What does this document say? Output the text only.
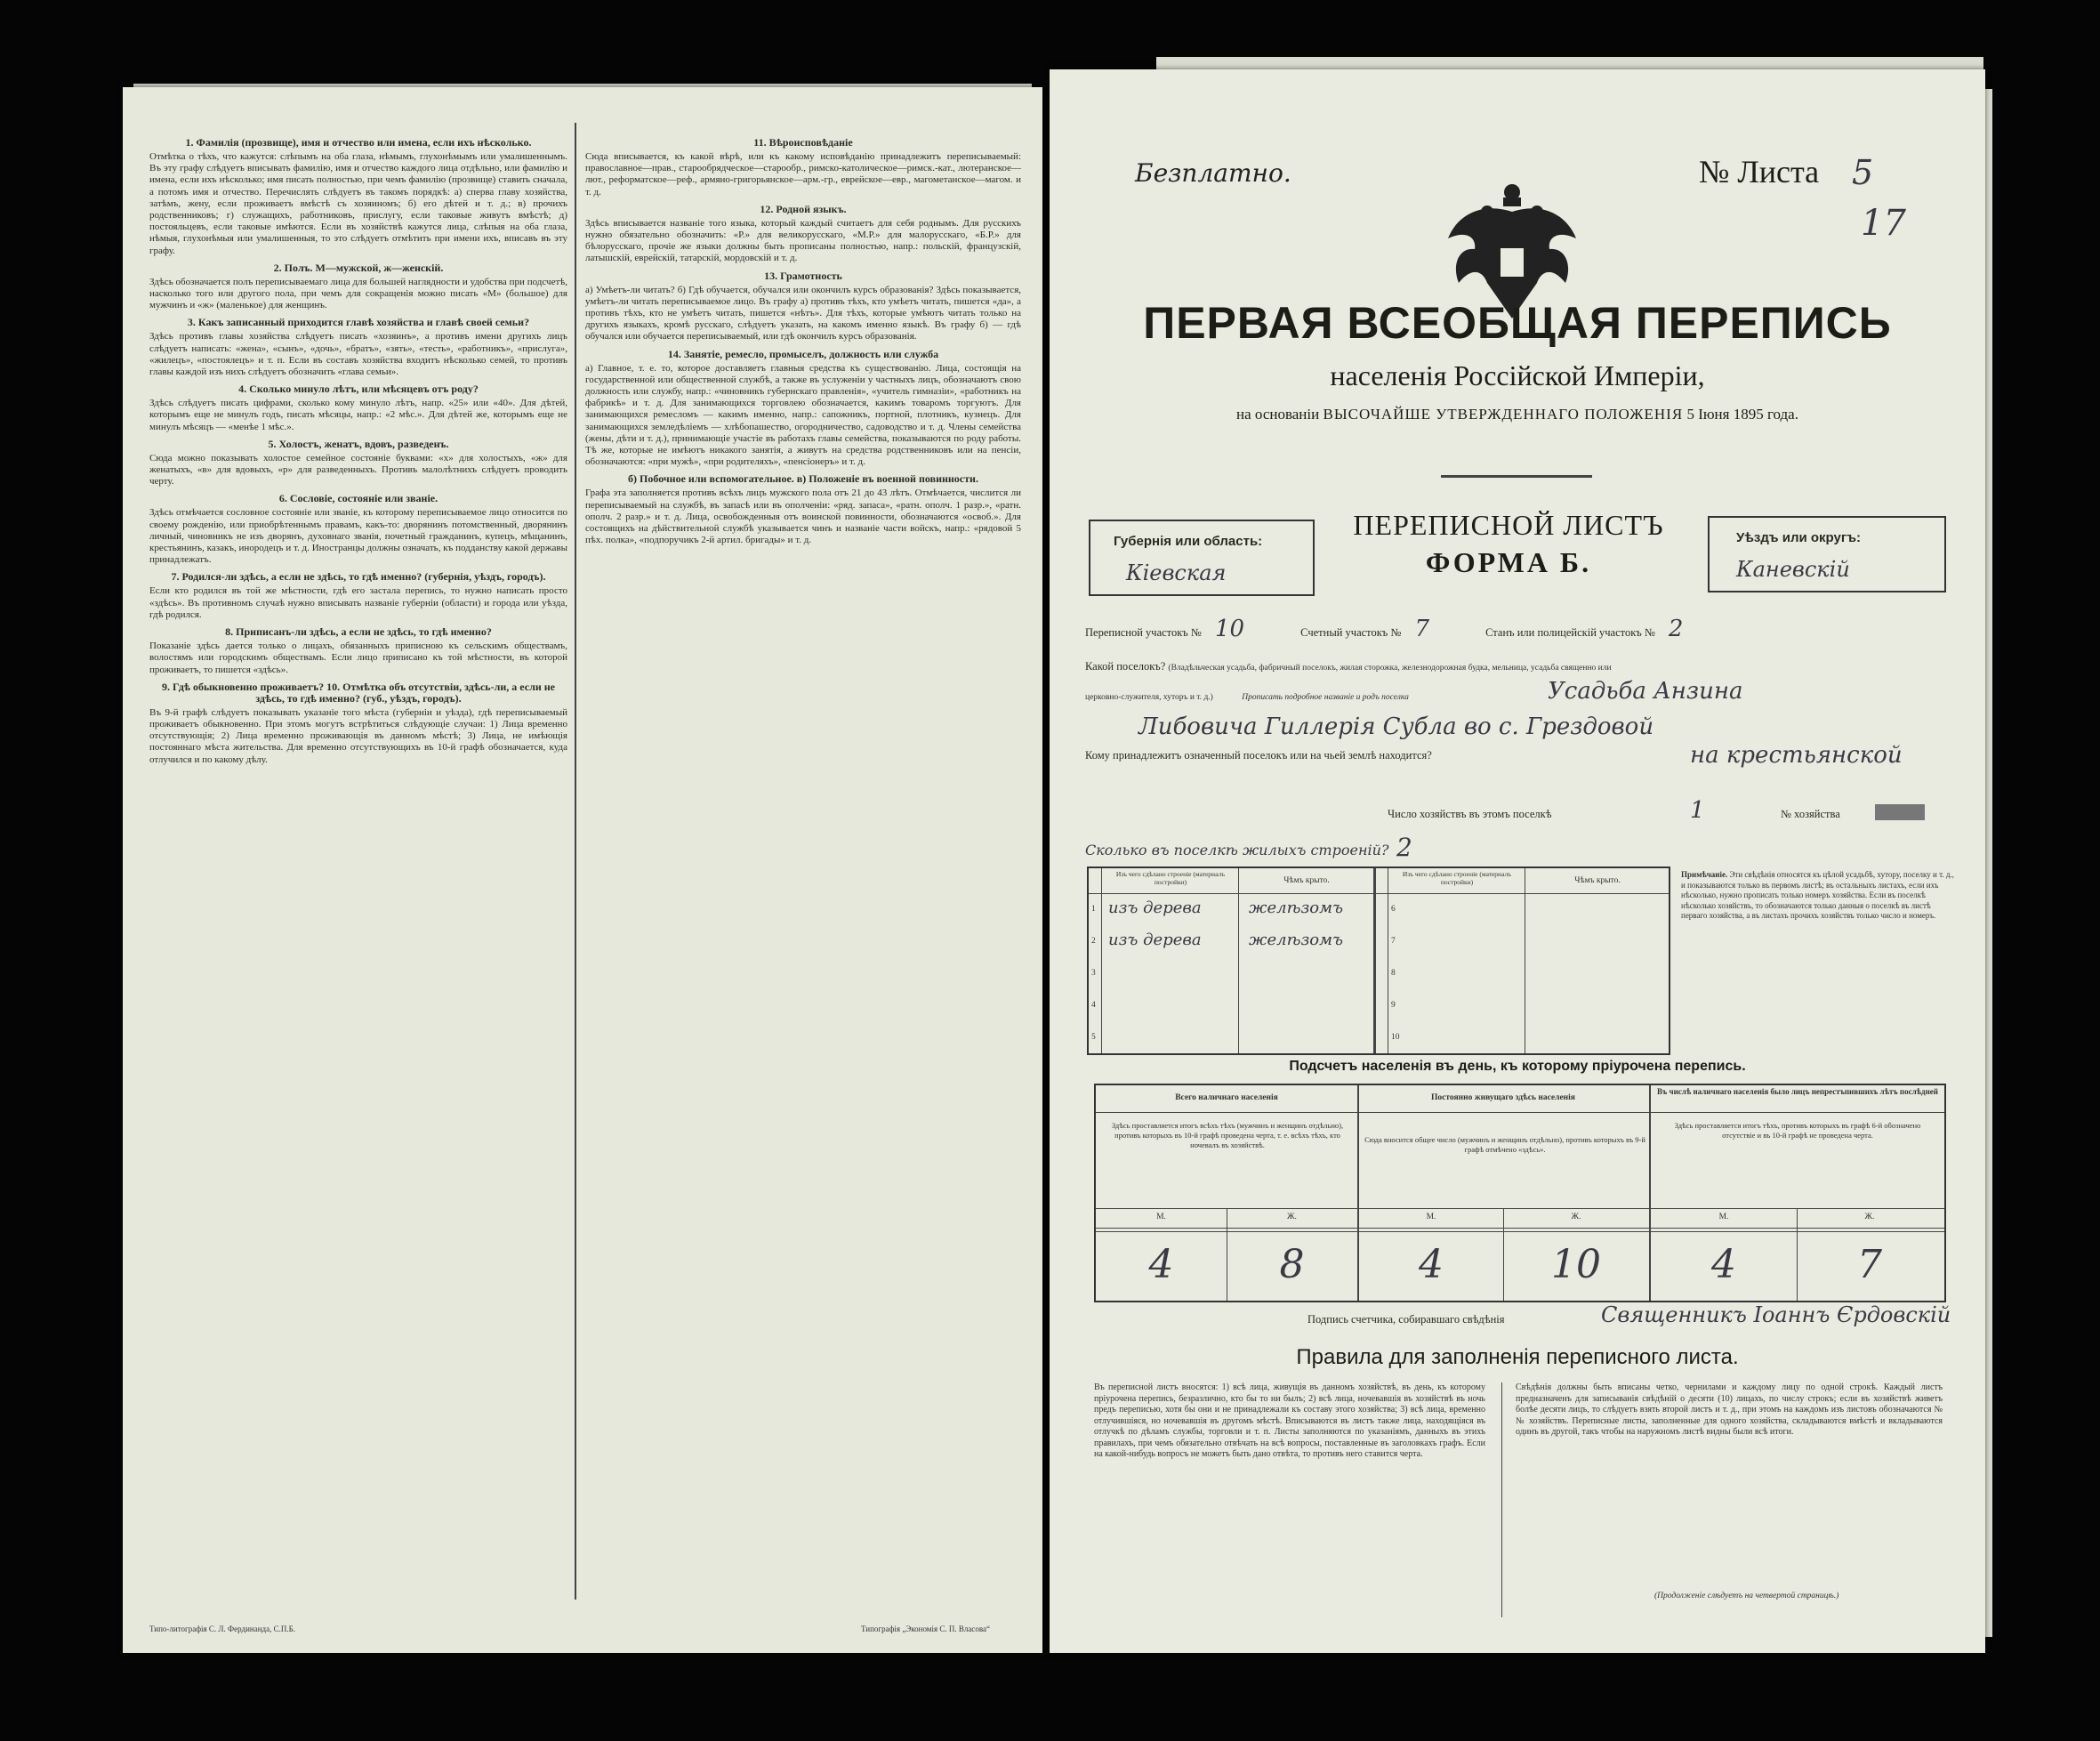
1. Фамилія (прозвище), имя и отчество или имена, если ихъ нѣсколько.
Отмѣтка о тѣхъ, что кажутся: слѣпымъ на оба глаза, нѣмымъ, глухонѣмымъ или умалишеннымъ. Въ эту графу слѣдуетъ вписывать фамилію, имя и отчество каждого лица отдѣльно, или фамилію и имена, если ихъ нѣсколько; имя писать полностью, при чемъ фамилію (прозвище) ставить сначала, а потомъ имя и отчество. Перечислять слѣдуетъ въ такомъ порядкѣ: а) сперва главу хозяйства, затѣмъ, жену, если проживаетъ вмѣстѣ съ хозяиномъ; б) его дѣтей и т. д.; в) прочихъ родственниковъ; г) служащихъ, работниковъ, прислугу, если таковые живутъ вмѣстѣ; д) постояльцевъ, если таковые имѣются. Если въ хозяйствѣ кажутся лица, слѣпыя на оба глаза, нѣмыя, глухонѣмыя или умалишенныя, то это слѣдуетъ отмѣтить при имени ихъ, вписавъ въ эту графу.
2. Полъ. М—мужской, ж—женскій.
Здѣсь обозначается полъ переписываемаго лица для большей наглядности и удобства при подсчетѣ, насколько того или другого пола, при чемъ для сокращенія можно писать «М» (большое) для мужчинъ и «ж» (маленькое) для женщинъ.
3. Какъ записанный приходится главѣ хозяйства и главѣ своей семьи?
Здѣсь противъ главы хозяйства слѣдуетъ писать «хозяинъ», а противъ имени другихъ лицъ слѣдуетъ написать: «жена», «сынъ», «дочь», «братъ», «зять», «тесть», «работникъ», «прислуга», «жилецъ», «постоялецъ» и т. п. Если въ составъ хозяйства входитъ нѣсколько семей, то противъ главы каждой изъ нихъ слѣдуетъ обозначить «глава семьи».
4. Сколько минуло лѣтъ, или мѣсяцевъ отъ роду?
Здѣсь слѣдуетъ писать цифрами, сколько кому минуло лѣтъ, напр. «25» или «40». Для дѣтей, которымъ еще не минулъ годъ, писать мѣсяцы, напр.: «2 мѣс.». Для дѣтей же, которымъ еще не минулъ мѣсяцъ — «менѣе 1 мѣс.».
5. Холостъ, женатъ, вдовъ, разведенъ.
Сюда можно показывать холостое семейное состояніе буквами: «х» для холостыхъ, «ж» для женатыхъ, «в» для вдовыхъ, «р» для разведенныхъ. Противъ малолѣтнихъ слѣдуетъ проводить черту.
6. Сословіе, состояніе или званіе.
Здѣсь отмѣчается сословное состояніе или званіе, къ которому переписываемое лицо относится по своему рожденію, или приобрѣтеннымъ правамъ, какъ-то: дворянинъ потомственный, дворянинъ личный, чиновникъ не изъ дворянъ, духовнаго званія, почетный гражданинъ, купецъ, мѣщанинъ, крестьянинъ, казакъ, инородецъ и т. д. Иностранцы должны означать, къ подданству какой державы принадлежатъ.
7. Родился-ли здѣсь, а если не здѣсь, то гдѣ именно? (губернія, уѣздъ, городъ).
Если кто родился въ той же мѣстности, гдѣ его застала перепись, то нужно написать просто «здѣсь». Въ противномъ случаѣ нужно вписывать названіе губерніи (области) и города или уѣзда, гдѣ родился.
8. Приписанъ-ли здѣсь, а если не здѣсь, то гдѣ именно?
Показаніе здѣсь дается только о лицахъ, обязанныхъ приписною къ сельскимъ обществамъ, волостямъ или городскимъ обществамъ. Если лицо приписано къ той мѣстности, въ которой проживаетъ, то пишется «здѣсь».
9. Гдѣ обыкновенно проживаетъ? 10. Отмѣтка объ отсутствіи, здѣсь-ли, а если не здѣсь, то гдѣ именно? (губ., уѣздъ, городъ).
Въ 9-й графѣ слѣдуетъ показывать указаніе того мѣста (губерніи и уѣзда), гдѣ переписываемый проживаетъ обыкновенно. При этомъ могутъ встрѣтиться слѣдующіе случаи: 1) Лица временно отсутствующія; 2) Лица временно проживающія въ данномъ мѣстѣ; 3) Лица, не имѣющія постояннаго мѣста жительства. Для временно отсутствующихъ въ 10-й графѣ обозначается, куда отлучился и по какому дѣлу.
11. Вѣроисповѣданіе
Сюда вписывается, къ какой вѣрѣ, или къ какому исповѣданію принадлежитъ переписываемый: православное—прав., старообрядческое—старообр., римско-католическое—римск.-кат., лютеранское—лют., реформатское—реф., армяно-григорьянское—арм.-гр., еврейское—евр., магометанское—магом. и т. д.
12. Родной языкъ.
Здѣсь вписывается названіе того языка, который каждый считаетъ для себя роднымъ. Для русскихъ нужно обязательно обозначить: «Р.» для великорусскаго, «М.Р.» для малорусскаго, «Б.Р.» для бѣлорусскаго, прочіе же языки должны быть прописаны полностью, напр.: польскій, французскій, латышскій, еврейскій, татарскій, мордовскій и т. д.
13. Грамотность
а) Умѣетъ-ли читать? б) Гдѣ обучается, обучался или окончилъ курсъ образованія? Здѣсь показывается, умѣетъ-ли читать переписываемое лицо. Въ графу а) противъ тѣхъ, кто умѣетъ читать, пишется «да», а противъ тѣхъ, кто не умѣетъ читать, пишется «нѣтъ». Для тѣхъ, которые умѣютъ читать только на другихъ языкахъ, кромѣ русскаго, слѣдуетъ указать, на какомъ именно языкѣ. Въ графу б) — гдѣ обучался или обучается переписываемый, или гдѣ окончилъ курсъ образованія.
14. Занятіе, ремесло, промыселъ, должность или служба
а) Главное, т. е. то, которое доставляетъ главныя средства къ существованію. Лица, состоящія на государственной или общественной службѣ, а также въ услуженіи у частныхъ лицъ, обозначаютъ свою должность или службу, напр.: «чиновникъ губернскаго правленія», «учитель гимназіи», «работникъ на фабрикѣ» и т. д. Для занимающихся торговлею обозначается, какимъ товаромъ торгуютъ. Для занимающихся ремесломъ — какимъ именно, напр.: сапожникъ, портной, плотникъ, кузнецъ. Для занимающихся земледѣліемъ — хлѣбопашество, огородничество, садоводство и т. д. Члены семейства (жены, дѣти и т. д.), принимающіе участіе въ работахъ главы семейства, показываются по роду работы. Тѣ же, которые не имѣютъ никакого занятія, а живутъ на средства родственниковъ или на пенсіи, обозначаются: «при мужѣ», «при родителяхъ», «пенсіонеръ» и т. д.
б) Побочное или вспомогательное. в) Положеніе въ военной повинности.
Графа эта заполняется противъ всѣхъ лицъ мужского пола отъ 21 до 43 лѣтъ. Отмѣчается, числится ли переписываемый на службѣ, въ запасѣ или въ ополченіи: «ряд. запаса», «ратн. ополч. 1 разр.», «ратн. ополч. 2 разр.» и т. д. Лица, освобожденныя отъ воинской повинности, обозначаются «освоб.». Для состоящихъ на дѣйствительной службѣ указывается чинъ и названіе части войскъ, напр.: «рядовой 5 пѣх. полка», «подпоручикъ 2-й артил. бригады» и т. д.
Типо-литографія С. Л. Фердинанда, С.П.Б.	Типографія „Экономія С. П. Власова“
Безплатно.	№ Листа 5
17
ПЕРВАЯ ВСЕОБЩАЯ ПЕРЕПИСЬ
населенія Россійской Имперіи,
на основаніи ВЫСОЧАЙШЕ УТВЕРЖДЕННАГО ПОЛОЖЕНІЯ 5 Іюня 1895 года.
Губернія или область:
Кіевская
ПЕРЕПИСНОЙ ЛИСТЪ
ФОРМА Б.
Уѣздъ или округъ:
Каневскій
Переписной участокъ № 10	Счетный участокъ № 7	Станъ или полицейскій участокъ № 2
Какой поселокъ? (Владѣльческая усадьба, фабричный поселокъ, жилая сторожка, железнодорожная будка, мельница, усадьба священно или
церковно-служителя, хуторъ и т. д.)	Прописать подробное названіе и родъ поселка	Усадьба Анзина
Либовича Гиллерія Субла во с. Грездовой
Кому принадлежитъ означенный поселокъ или на чьей землѣ находится?	на крестьянской
Число хозяйствъ въ этомъ поселкѣ	1	№ хозяйства
Сколько въ поселкѣ жилыхъ строеній? 2
Изъ чего сдѣлано строеніе (материалъ постройки)	Чѣмъ крыто.
Изъ чего сдѣлано строеніе (материалъ постройки)	Чѣмъ крыто.
1 изъ дерева	желѣзомъ
2 изъ дерева	желѣзомъ
3
4
5
6
7
8
9
10
Примѣчаніе. Эти свѣдѣнія относятся къ цѣлой усадьбѣ, хутору, поселку и т. д., и показываются только въ первомъ листѣ; въ остальныхъ листахъ, если ихъ нѣсколько, нужно прописать только номеръ хозяйства. Если въ поселкѣ нѣсколько хозяйствъ, то обозначаются только данныя о поселкѣ въ листѣ перваго хозяйства, а въ листахъ прочихъ хозяйствъ только число и номеръ.
Подсчетъ населенія въ день, къ которому пріурочена перепись.
Всего наличнаго населенія	Постоянно живущаго здѣсь населенія
Въ числѣ наличнаго населенія было лицъ непрестъпившихъ лѣтъ послѣдней
Здѣсь проставляется итогъ всѣхъ тѣхъ (мужчинъ и женщинъ отдѣльно), противъ которыхъ въ 10-й графѣ проведена черта, т. е. всѣхъ тѣхъ, кто ночевалъ въ хозяйствѣ.
Сюда вносится общее число (мужчинъ и женщинъ отдѣльно), противъ которыхъ въ 9-й графѣ отмѣчено «здѣсь».
Здѣсь проставляется итогъ тѣхъ, противъ которыхъ въ графѣ 6-й обозначено отсутствіе и въ 10-й графѣ не проведена черта.
М.	Ж.	М.	Ж.	М.	Ж.
4	8	4	10	4	7
Подпись счетчика, собиравшаго свѣдѣнія	Священникъ Іоаннъ Єрдовскій
Правила для заполненія переписного листа.
Въ переписной листъ вносятся: 1) всѣ лица, живущія въ данномъ хозяйствѣ, въ день, къ которому пріурочена перепись, безразлично, кто бы то ни былъ; 2) всѣ лица, ночевавшія въ хозяйствѣ въ ночь предъ переписью, хотя бы они и не принадлежали къ составу этого хозяйства; 3) всѣ лица, временно отлучившіяся, но ночевавшія въ другомъ мѣстѣ. Вписываются въ листъ также лица, находящіяся въ отлучкѣ по дѣламъ службы, торговли и т. п. Листы заполняются по указаніямъ, данныхъ въ этихъ правилахъ, при чемъ обязательно отвѣчать на всѣ вопросы, поставленные въ заголовкахъ графъ. Если на какой-нибудь вопросъ не можетъ быть дано отвѣта, то противъ него ставится черта.
Свѣдѣнія должны быть вписаны четко, чернилами и каждому лицу по одной строкѣ. Каждый листъ предназначенъ для записыванія свѣдѣній о десяти (10) лицахъ, по числу строкъ; если въ хозяйствѣ живетъ болѣе десяти лицъ, то слѣдуетъ взять второй листъ и т. д., при этомъ на каждомъ изъ листовъ обозначаются №№ хозяйствъ. Переписные листы, заполненные для одного хозяйства, складываются вмѣстѣ и вкладываются одинъ въ другой, такъ чтобы на наружномъ листѣ видны были всѣ итоги.
(Продолженіе слѣдуетъ на четвертой страницѣ.)
